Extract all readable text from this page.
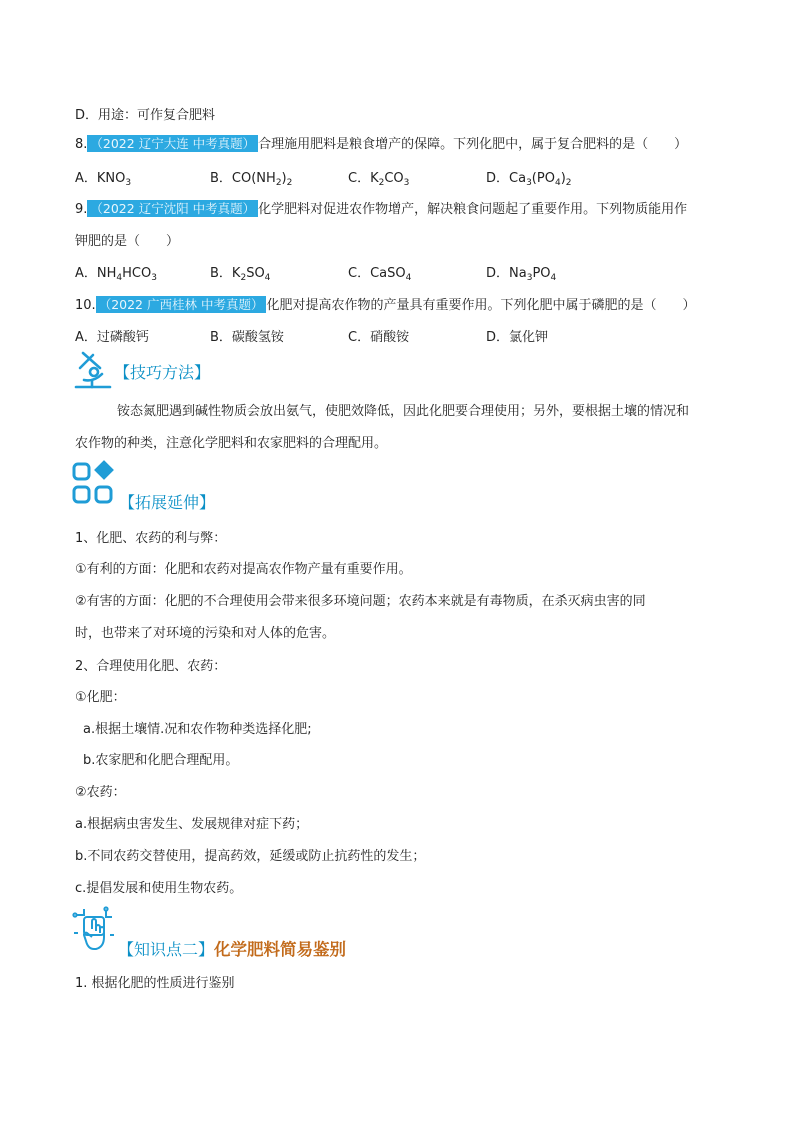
D．用途：可作复合肥料
8. （2022 辽宁大连 中考真题） 合理施用肥料是粮食增产的保障。下列化肥中，属于复合肥料的是（　　）
A．$KNO_3$	B．$CO(NH_2)_2$	C．$K_2CO_3$	D．$Ca_3(PO_4)_2$
9. （2022 辽宁沈阳 中考真题） 化学肥料对促进农作物增产，解决粮食问题起了重要作用。下列物质能用作
钾肥的是（　　）
A．$NH_4HCO_3$	B．$K_2SO_4$	C．CaSO$_4$	D．$Na_3PO_4$
10. （2022 广西桂林 中考真题） 化肥对提高农作物的产量具有重要作用。下列化肥中属于磷肥的是（　　）
A．过磷酸钙	B．碳酸氢铵	C．硝酸铵	D．氯化钾
【技巧方法】
铵态氮肥遇到碱性物质会放出氨气，使肥效降低，因此化肥要合理使用；另外，要根据土壤的情况和
农作物的种类，注意化学肥料和农家肥料的合理配用。
【拓展延伸】
1、化肥、农药的利与弊：
①有利的方面：化肥和农药对提高农作物产量有重要作用。
②有害的方面：化肥的不合理使用会带来很多环境问题；农药本来就是有毒物质，在杀灭病虫害的同
时，也带来了对环境的污染和对人体的危害。
2、合理使用化肥、农药：
①化肥：
a.根据土壤情.况和农作物种类选择化肥;
b.农家肥和化肥合理配用。
②农药：
a.根据病虫害发生、发展规律对症下药；
b.不同农药交替使用，提高药效，延缓或防止抗药性的发生；
c.提倡发展和使用生物农药。
【知识点二】化学肥料简易鉴别
1. 根据化肥的性质进行鉴别
